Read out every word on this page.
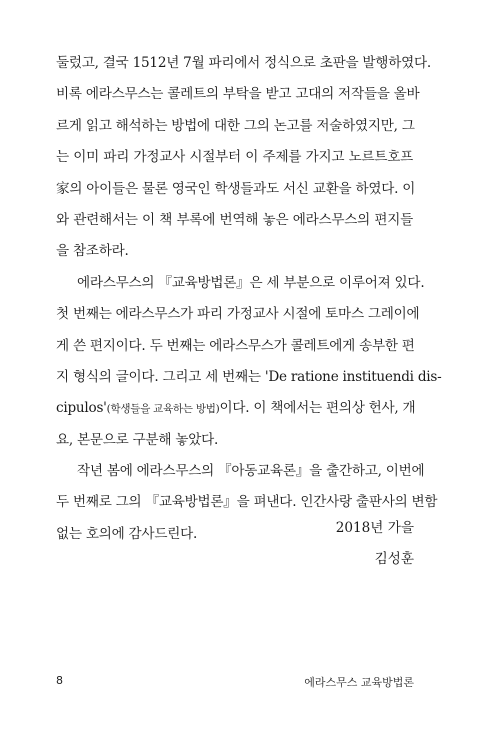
둘렀고, 결국 1512년 7월 파리에서 정식으로 초판을 발행하였다.
비록 에라스무스는 콜레트의 부탁을 받고 고대의 저작들을 올바
르게 읽고 해석하는 방법에 대한 그의 논고를 저술하였지만, 그
는 이미 파리 가정교사 시절부터 이 주제를 가지고 노르트호프
家의 아이들은 물론 영국인 학생들과도 서신 교환을 하였다. 이
와 관련해서는 이 책 부록에 번역해 놓은 에라스무스의 편지들
을 참조하라.
에라스무스의 『교육방법론』은 세 부분으로 이루어져 있다.
첫 번째는 에라스무스가 파리 가정교사 시절에 토마스 그레이에
게 쓴 편지이다. 두 번째는 에라스무스가 콜레트에게 송부한 편
지 형식의 글이다. 그리고 세 번째는 'De ratione instituendi dis-
cipulos'(학생들을 교육하는 방법)이다. 이 책에서는 편의상 헌사, 개
요, 본문으로 구분해 놓았다.
작년 봄에 에라스무스의 『아동교육론』을 출간하고, 이번에
두 번째로 그의 『교육방법론』을 펴낸다. 인간사랑 출판사의 변함
없는 호의에 감사드린다.	2018년 가을
김성훈
8	에라스무스 교육방법론
